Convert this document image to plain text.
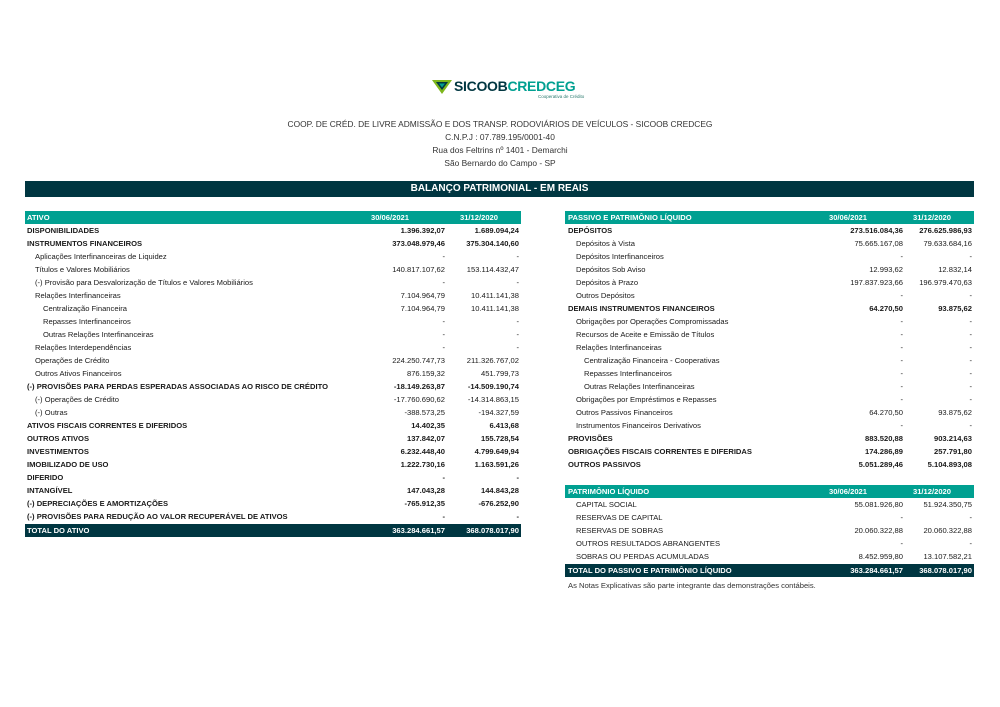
SICOOBCREDCEG
Cooperativa de Crédito
COOP. DE CRÉD. DE LIVRE ADMISSÃO E DOS TRANSP. RODOVIÁRIOS DE VEÍCULOS - SICOOB CREDCEG
C.N.P.J : 07.789.195/0001-40
Rua dos Feltrins nº 1401 - Demarchi
São Bernardo do Campo - SP
BALANÇO PATRIMONIAL - EM REAIS
ATIVO	30/06/2021	31/12/2020
DISPONIBILIDADES	1.396.392,07	1.689.094,24
INSTRUMENTOS FINANCEIROS	373.048.979,46	375.304.140,60
Aplicações Interfinanceiras de Liquidez	-	-
Títulos e Valores Mobiliários	140.817.107,62	153.114.432,47
(-) Provisão para Desvalorização de Títulos e Valores Mobiliários	-	-
Relações Interfinanceiras	7.104.964,79	10.411.141,38
Centralização Financeira	7.104.964,79	10.411.141,38
Repasses Interfinanceiros	-	-
Outras Relações Interfinanceiras	-	-
Relações Interdependências	-	-
Operações de Crédito	224.250.747,73	211.326.767,02
Outros Ativos Financeiros	876.159,32	451.799,73
(-) PROVISÕES PARA PERDAS ESPERADAS ASSOCIADAS AO RISCO DE CRÉDITO	-18.149.263,87	-14.509.190,74
(-) Operações de Crédito	-17.760.690,62	-14.314.863,15
(-) Outras	-388.573,25	-194.327,59
ATIVOS FISCAIS CORRENTES E DIFERIDOS	14.402,35	6.413,68
OUTROS ATIVOS	137.842,07	155.728,54
INVESTIMENTOS	6.232.448,40	4.799.649,94
IMOBILIZADO DE USO	1.222.730,16	1.163.591,26
DIFERIDO	-	-
INTANGÍVEL	147.043,28	144.843,28
(-) DEPRECIAÇÕES E AMORTIZAÇÕES	-765.912,35	-676.252,90
(-) PROVISÕES PARA REDUÇÃO AO VALOR RECUPERÁVEL DE ATIVOS	-	-
TOTAL DO ATIVO	363.284.661,57	368.078.017,90
PASSIVO E PATRIMÔNIO LÍQUIDO	30/06/2021	31/12/2020
DEPÓSITOS	273.516.084,36	276.625.986,93
Depósitos à Vista	75.665.167,08	79.633.684,16
Depósitos Interfinanceiros	-	-
Depósitos Sob Aviso	12.993,62	12.832,14
Depósitos à Prazo	197.837.923,66	196.979.470,63
Outros Depósitos	-	-
DEMAIS INSTRUMENTOS FINANCEIROS	64.270,50	93.875,62
Obrigações por Operações Compromissadas	-	-
Recursos de Aceite e Emissão de Títulos	-	-
Relações Interfinanceiras	-	-
Centralização Financeira - Cooperativas	-	-
Repasses Interfinanceiros	-	-
Outras Relações Interfinanceiras	-	-
Obrigações por Empréstimos e Repasses	-	-
Outros Passivos Financeiros	64.270,50	93.875,62
Instrumentos Financeiros Derivativos	-	-
PROVISÕES	883.520,88	903.214,63
OBRIGAÇÕES FISCAIS CORRENTES E DIFERIDAS	174.286,89	257.791,80
OUTROS PASSIVOS	5.051.289,46	5.104.893,08
PATRIMÔNIO LÍQUIDO	30/06/2021	31/12/2020
CAPITAL SOCIAL	55.081.926,80	51.924.350,75
RESERVAS DE CAPITAL	-	-
RESERVAS DE SOBRAS	20.060.322,88	20.060.322,88
OUTROS RESULTADOS ABRANGENTES	-	-
SOBRAS OU PERDAS ACUMULADAS	8.452.959,80	13.107.582,21
TOTAL DO PASSIVO E PATRIMÔNIO LÍQUIDO	363.284.661,57	368.078.017,90
As Notas Explicativas são parte integrante das demonstrações contábeis.
